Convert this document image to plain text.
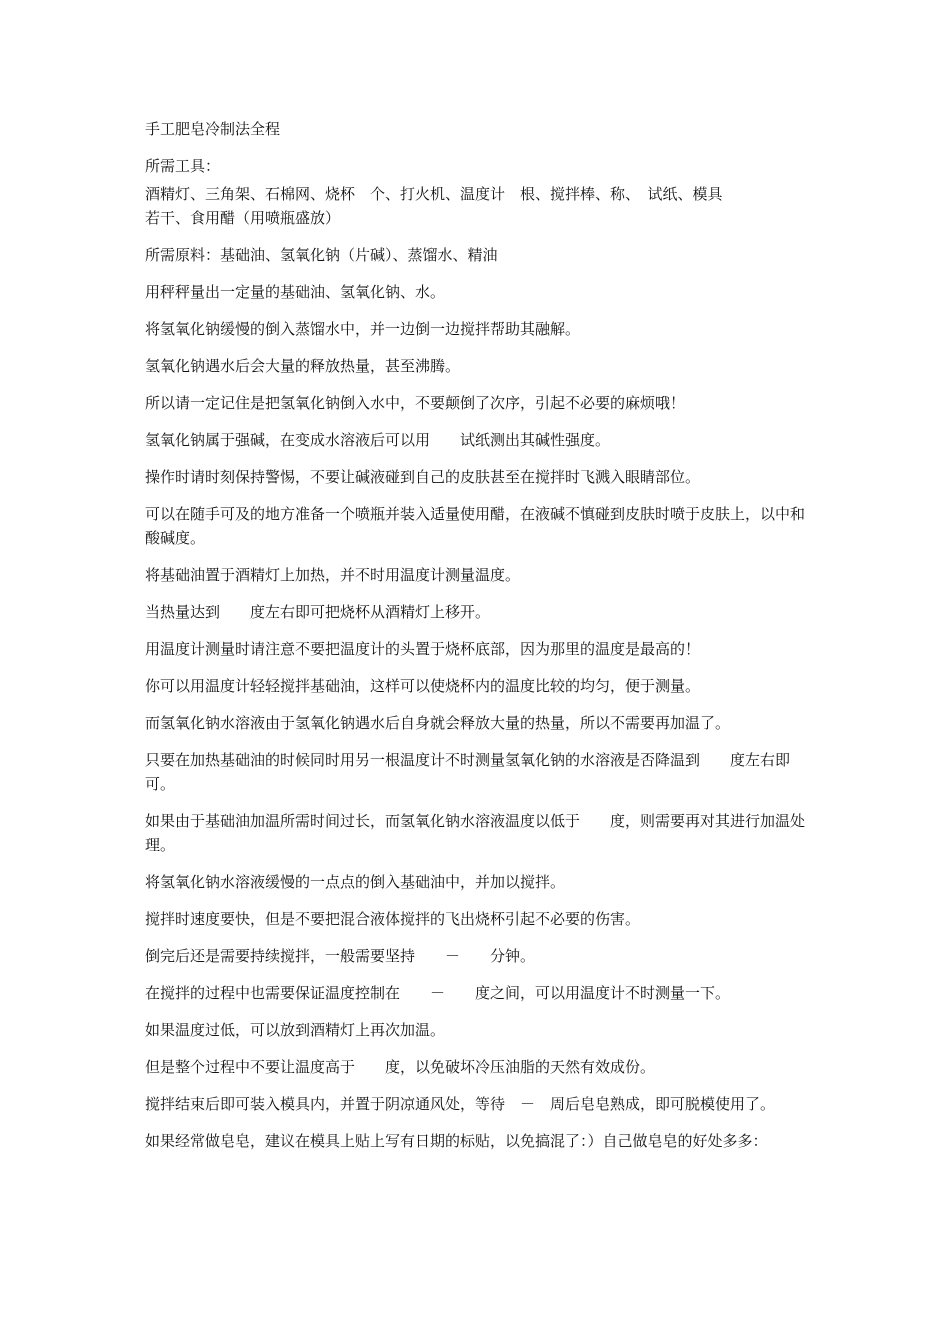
手工肥皂冷制法全程
所需工具：
酒精灯、三角架、石棉网、烧杯　个、打火机、温度计　根、搅拌棒、称、　试纸、模具
若干、食用醋（用喷瓶盛放）
所需原料：基础油、氢氧化钠（片碱）、蒸馏水、精油
用秤秤量出一定量的基础油、氢氧化钠、水。
将氢氧化钠缓慢的倒入蒸馏水中，并一边倒一边搅拌帮助其融解。
氢氧化钠遇水后会大量的释放热量，甚至沸腾。
所以请一定记住是把氢氧化钠倒入水中，不要颠倒了次序，引起不必要的麻烦哦！
氢氧化钠属于强碱，在变成水溶液后可以用　　试纸测出其碱性强度。
操作时请时刻保持警惕，不要让碱液碰到自己的皮肤甚至在搅拌时飞溅入眼睛部位。
可以在随手可及的地方准备一个喷瓶并装入适量使用醋，在液碱不慎碰到皮肤时喷于皮肤上，以中和酸碱度。
将基础油置于酒精灯上加热，并不时用温度计测量温度。
当热量达到　　度左右即可把烧杯从酒精灯上移开。
用温度计测量时请注意不要把温度计的头置于烧杯底部，因为那里的温度是最高的！
你可以用温度计轻轻搅拌基础油，这样可以使烧杯内的温度比较的均匀，便于测量。
而氢氧化钠水溶液由于氢氧化钠遇水后自身就会释放大量的热量，所以不需要再加温了。
只要在加热基础油的时候同时用另一根温度计不时测量氢氧化钠的水溶液是否降温到　　度左右即可。
如果由于基础油加温所需时间过长，而氢氧化钠水溶液温度以低于　　度，则需要再对其进行加温处理。
将氢氧化钠水溶液缓慢的一点点的倒入基础油中，并加以搅拌。
搅拌时速度要快，但是不要把混合液体搅拌的飞出烧杯引起不必要的伤害。
倒完后还是需要持续搅拌，一般需要坚持　　－　　分钟。
在搅拌的过程中也需要保证温度控制在　　－　　度之间，可以用温度计不时测量一下。
如果温度过低，可以放到酒精灯上再次加温。
但是整个过程中不要让温度高于　　度，以免破坏冷压油脂的天然有效成份。
搅拌结束后即可装入模具内，并置于阴凉通风处，等待　－　周后皂皂熟成，即可脱模使用了。
如果经常做皂皂，建议在模具上贴上写有日期的标贴，以免搞混了：）自己做皂皂的好处多多：
